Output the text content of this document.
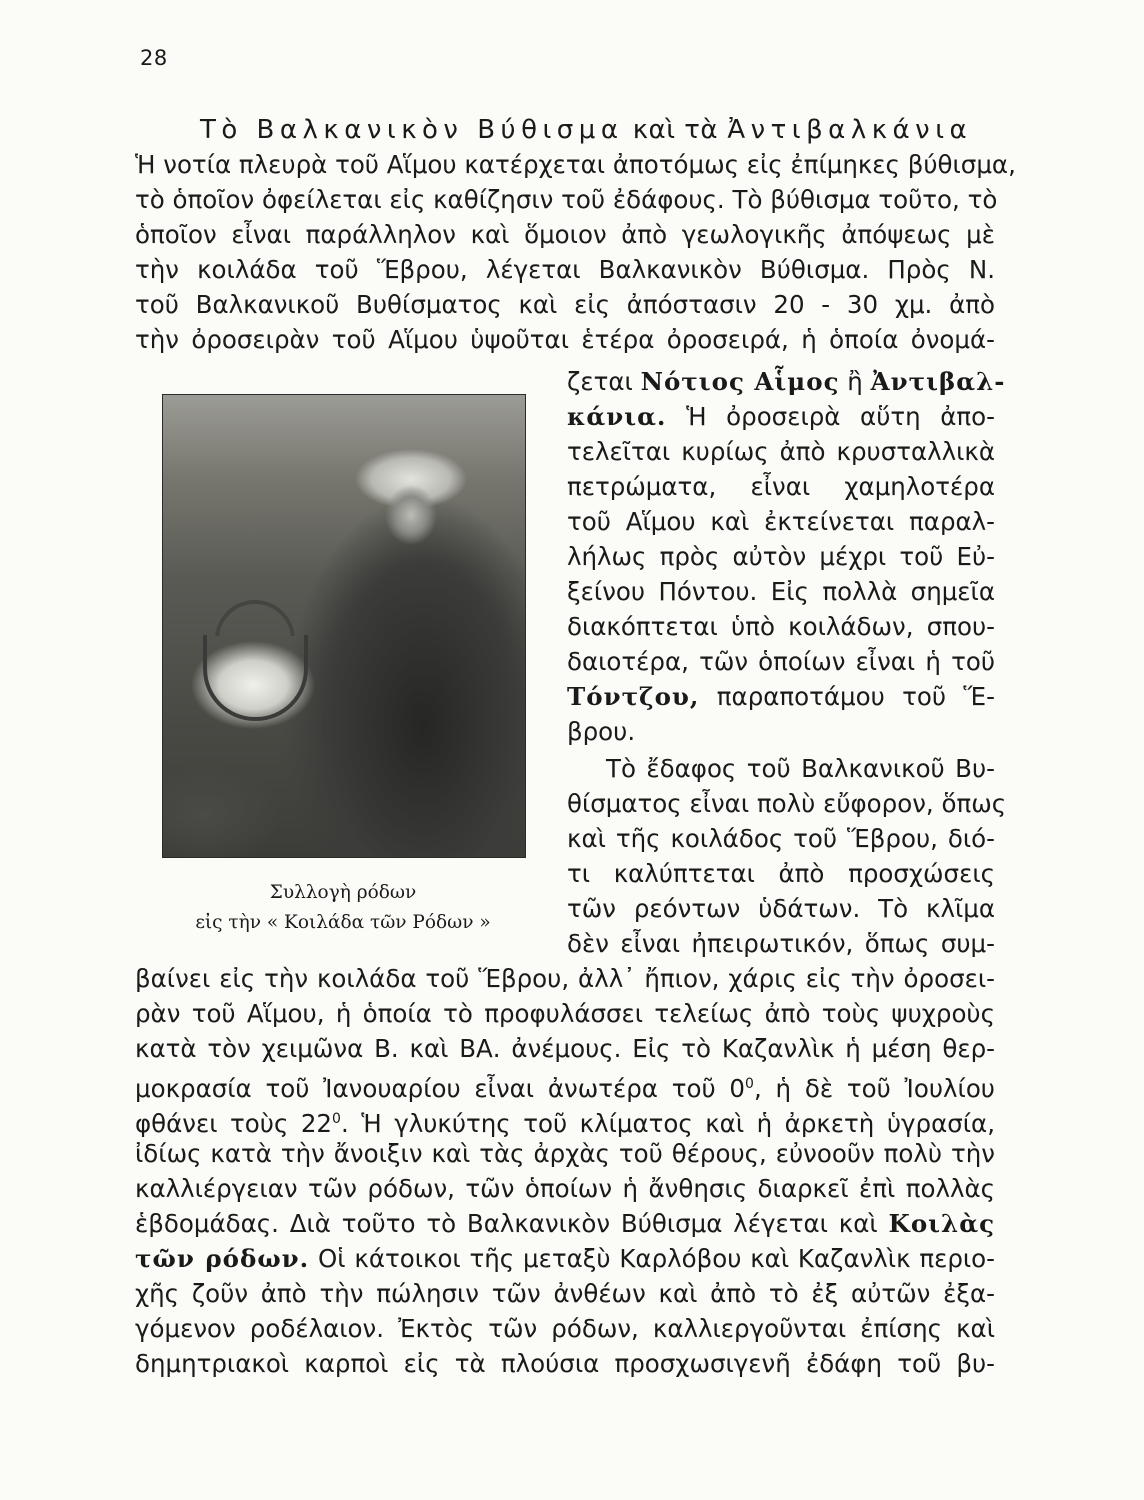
28
Τὸ Βαλκανικὸν Βύθισμα καὶ τὰ Ἀντιβαλκάνια
Ἡ νοτία πλευρὰ τοῦ Αἵμου κατέρχεται ἀποτόμως εἰς ἐπίμηκες βύθισμα,
τὸ ὁποῖον ὀφείλεται εἰς καθίζησιν τοῦ ἐδάφους. Τὸ βύθισμα τοῦτο, τὸ
ὁποῖον εἶναι παράλληλον καὶ ὅμοιον ἀπὸ γεωλογικῆς ἀπόψεως μὲ
τὴν κοιλάδα τοῦ Ἕβρου, λέγεται Βαλκανικὸν Βύθισμα. Πρὸς Ν.
τοῦ Βαλκανικοῦ Βυθίσματος καὶ εἰς ἀπόστασιν 20 - 30 χμ. ἀπὸ
τὴν ὀροσειρὰν τοῦ Αἵμου ὑψοῦται ἑτέρα ὀροσειρά, ἡ ὁποία ὀνομά-
ζεται Νότιος Αἷμος ἢ Ἀντιβαλ-
κάνια. Ἡ ὀροσειρὰ αὕτη ἀπο-
τελεῖται κυρίως ἀπὸ κρυσταλλικὰ
πετρώματα, εἶναι χαμηλοτέρα
τοῦ Αἵμου καὶ ἐκτείνεται παραλ-
λήλως πρὸς αὐτὸν μέχρι τοῦ Εὐ-
ξείνου Πόντου. Εἰς πολλὰ σημεῖα
διακόπτεται ὑπὸ κοιλάδων, σπου-
δαιοτέρα, τῶν ὁποίων εἶναι ἡ τοῦ
Τόντζου, παραποτάμου τοῦ Ἕ-
βρου.
Τὸ ἔδαφος τοῦ Βαλκανικοῦ Βυ-
θίσματος εἶναι πολὺ εὔφορον, ὅπως
καὶ τῆς κοιλάδος τοῦ Ἕβρου, διό-
τι καλύπτεται ἀπὸ προσχώσεις
τῶν ρεόντων ὑδάτων. Τὸ κλῖμα
δὲν εἶναι ἠπειρωτικόν, ὅπως συμ-
Συλλογὴ ρόδων
εἰς τὴν « Κοιλάδα τῶν Ρόδων »
βαίνει εἰς τὴν κοιλάδα τοῦ Ἕβρου, ἀλλ᾽ ἤπιον, χάρις εἰς τὴν ὀροσει-
ρὰν τοῦ Αἵμου, ἡ ὁποία τὸ προφυλάσσει τελείως ἀπὸ τοὺς ψυχροὺς
κατὰ τὸν χειμῶνα Β. καὶ ΒΑ. ἀνέμους. Εἰς τὸ Καζανλὶκ ἡ μέση θερ-
μοκρασία τοῦ Ἰανουαρίου εἶναι ἀνωτέρα τοῦ $0^0$, ἡ δὲ τοῦ Ἰουλίου
φθάνει τοὺς $22^0$. Ἡ γλυκύτης τοῦ κλίματος καὶ ἡ ἀρκετὴ ὑγρασία,
ἰδίως κατὰ τὴν ἄνοιξιν καὶ τὰς ἀρχὰς τοῦ θέρους, εὐνοοῦν πολὺ τὴν
καλλιέργειαν τῶν ρόδων, τῶν ὁποίων ἡ ἄνθησις διαρκεῖ ἐπὶ πολλὰς
ἑβδομάδας. Διὰ τοῦτο τὸ Βαλκανικὸν Βύθισμα λέγεται καὶ Κοιλὰς
τῶν ρόδων. Οἱ κάτοικοι τῆς μεταξὺ Καρλόβου καὶ Καζανλὶκ περιο-
χῆς ζοῦν ἀπὸ τὴν πώλησιν τῶν ἀνθέων καὶ ἀπὸ τὸ ἐξ αὐτῶν ἐξα-
γόμενον ροδέλαιον. Ἐκτὸς τῶν ρόδων, καλλιεργοῦνται ἐπίσης καὶ
δημητριακοὶ καρποὶ εἰς τὰ πλούσια προσχωσιγενῆ ἐδάφη τοῦ βυ-
